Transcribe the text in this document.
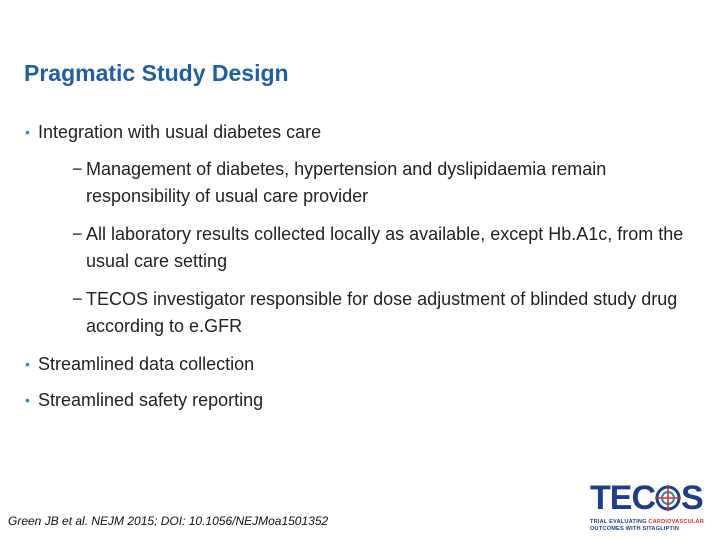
Pragmatic Study Design
• Integration with usual diabetes care
− Management of diabetes, hypertension and dyslipidaemia remain responsibility of usual care provider
− All laboratory results collected locally as available, except Hb.A1c, from the usual care setting
− TECOS investigator responsible for dose adjustment of blinded study drug according to e.GFR
• Streamlined data collection
• Streamlined safety reporting
Green JB et al. NEJM 2015; DOI: 10.1056/NEJMoa1501352
TEC S
TRIAL EVALUATING CARDIOVASCULAR
OUTCOMES WITH SITAGLIPTIN
